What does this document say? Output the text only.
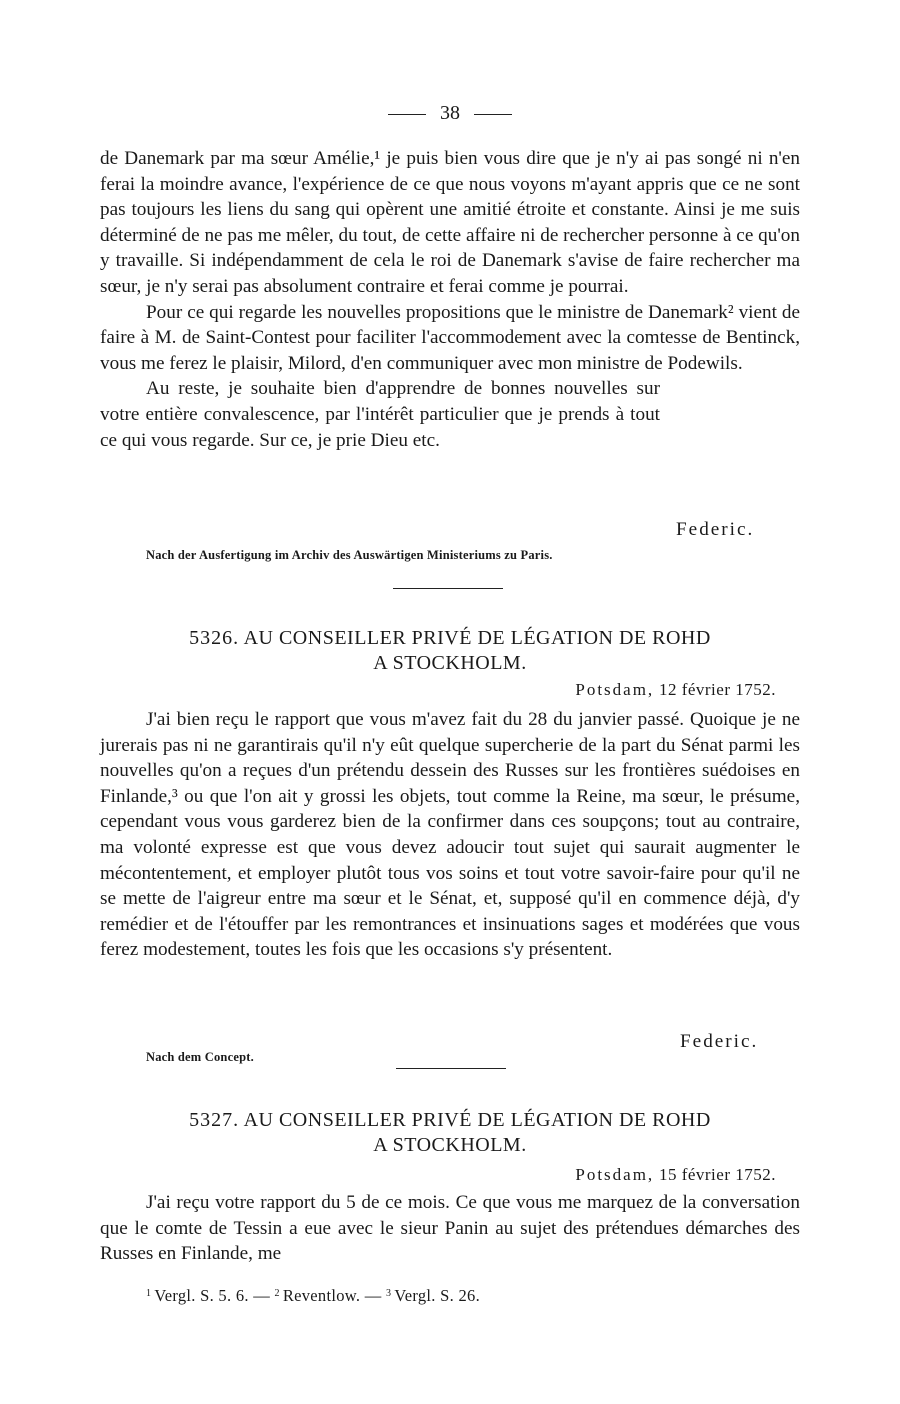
38

de Danemark par ma sœur Amélie,¹ je puis bien vous dire que je n'y ai pas songé ni n'en ferai la moindre avance, l'expérience de ce que nous voyons m'ayant appris que ce ne sont pas toujours les liens du sang qui opèrent une amitié étroite et constante. Ainsi je me suis déterminé de ne pas me mêler, du tout, de cette affaire ni de rechercher personne à ce qu'on y travaille. Si indépendamment de cela le roi de Danemark s'avise de faire rechercher ma sœur, je n'y serai pas absolument contraire et ferai comme je pourrai.

Pour ce qui regarde les nouvelles propositions que le ministre de Danemark² vient de faire à M. de Saint-Contest pour faciliter l'accommodement avec la comtesse de Bentinck, vous me ferez le plaisir, Milord, d'en communiquer avec mon ministre de Podewils.

Au reste, je souhaite bien d'apprendre de bonnes nouvelles sur votre entière convalescence, par l'intérêt particulier que je prends à tout ce qui vous regarde. Sur ce, je prie Dieu etc.

Federic.
Nach der Ausfertigung im Archiv des Auswärtigen Ministeriums zu Paris.
5326. AU CONSEILLER PRIVÉ DE LÉGATION DE ROHD
A STOCKHOLM.
Potsdam, 12 février 1752.

J'ai bien reçu le rapport que vous m'avez fait du 28 du janvier passé. Quoique je ne jurerais pas ni ne garantirais qu'il n'y eût quelque supercherie de la part du Sénat parmi les nouvelles qu'on a reçues d'un prétendu dessein des Russes sur les frontières suédoises en Finlande,³ ou que l'on ait y grossi les objets, tout comme la Reine, ma sœur, le présume, cependant vous vous garderez bien de la confirmer dans ces soupçons; tout au contraire, ma volonté expresse est que vous devez adoucir tout sujet qui saurait augmenter le mécontentement, et employer plutôt tous vos soins et tout votre savoir-faire pour qu'il ne se mette de l'aigreur entre ma sœur et le Sénat, et, supposé qu'il en commence déjà, d'y remédier et de l'étouffer par les remontrances et insinuations sages et modérées que vous ferez modestement, toutes les fois que les occasions s'y présentent.

Federic.
Nach dem Concept.
5327. AU CONSEILLER PRIVÉ DE LÉGATION DE ROHD
A STOCKHOLM.
Potsdam, 15 février 1752.

J'ai reçu votre rapport du 5 de ce mois. Ce que vous me marquez de la conversation que le comte de Tessin a eue avec le sieur Panin au sujet des prétendues démarches des Russes en Finlande, me

$^1$ Vergl. S. 5. 6. — $^2$ Reventlow. — $^3$ Vergl. S. 26.
